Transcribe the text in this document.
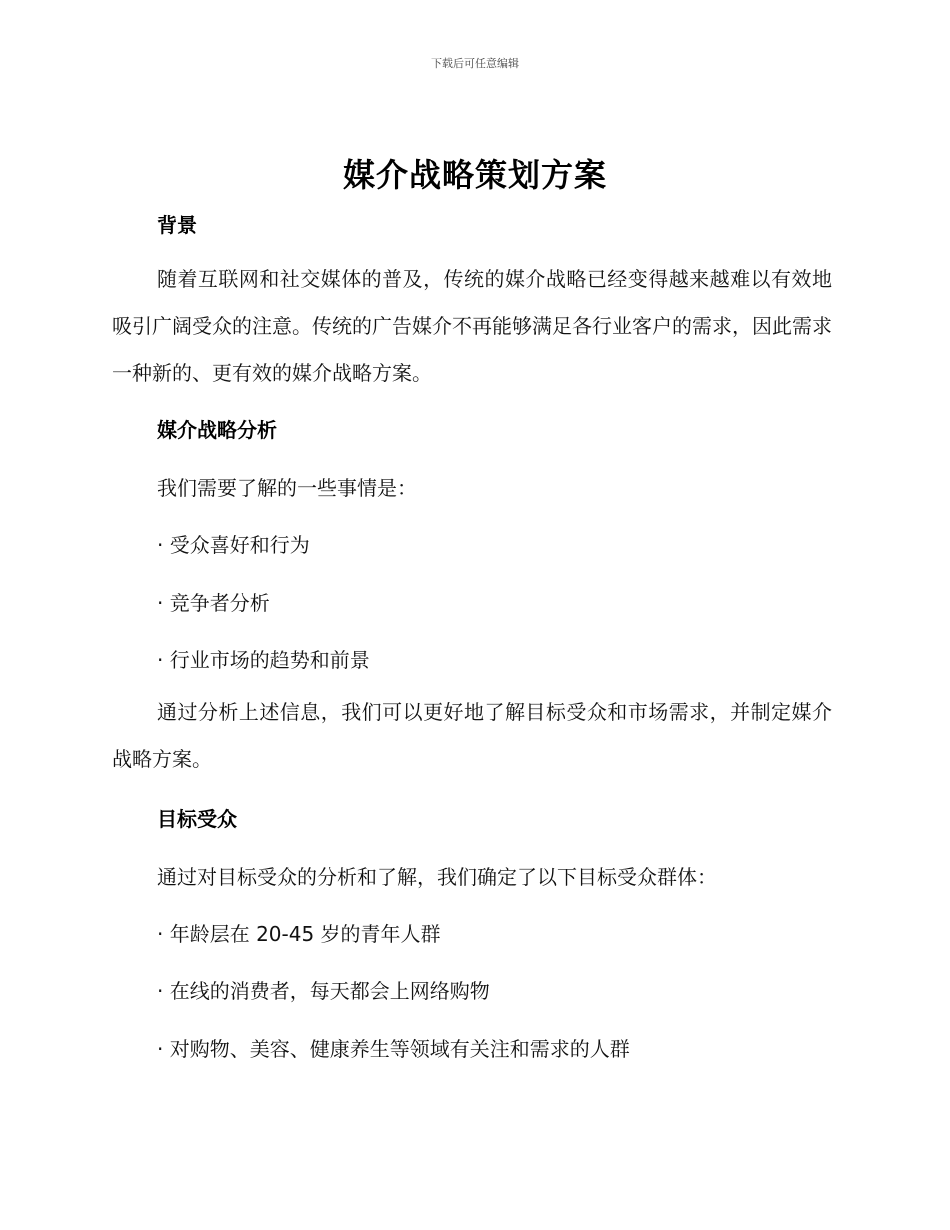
下载后可任意编辑
媒介战略策划方案
背景
随着互联网和社交媒体的普及，传统的媒介战略已经变得越来越难以有效地吸引广阔受众的注意。传统的广告媒介不再能够满足各行业客户的需求，因此需求一种新的、更有效的媒介战略方案。
媒介战略分析
我们需要了解的一些事情是：
· 受众喜好和行为
· 竞争者分析
· 行业市场的趋势和前景
通过分析上述信息，我们可以更好地了解目标受众和市场需求，并制定媒介战略方案。
目标受众
通过对目标受众的分析和了解，我们确定了以下目标受众群体：
· 年龄层在 20-45 岁的青年人群
· 在线的消费者，每天都会上网络购物
· 对购物、美容、健康养生等领域有关注和需求的人群
